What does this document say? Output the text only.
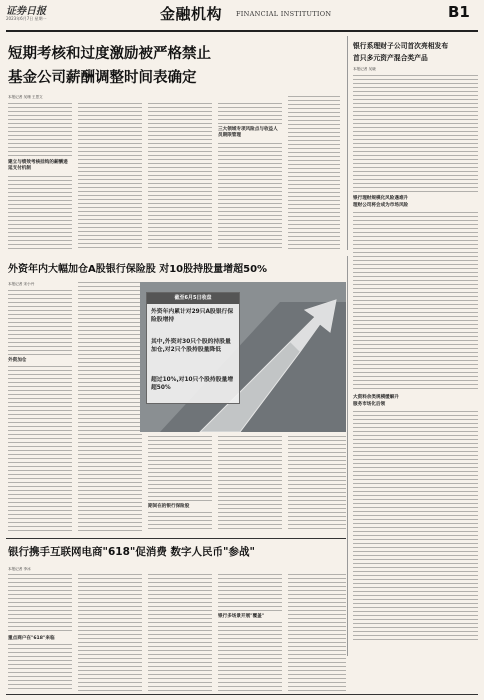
证券日报
2023年6月7日 星期一	金融机构 FINANCIAL INSTITUTION	B1
短期考核和过度激励被严格禁止
基金公司薪酬调整时间表确定
本报记者 吴珊 王思文
建立与绩效考核挂钩的薪酬递延支付机制
三大领域专项风险点与收益人员期限管理
银行系理财子公司首次亮相发布
首只多元资产混合类产品
本报记者 吴晓
银行理财规模化风险遇难升
理财公司将会成为市场风险
大资料余类规模缓解升
服务市场化后领
外资年内大幅加仓A股银行保险股 对10股持股量增超50%
本报记者 宋小丹
外资加仓
截至6月5日收盘
外资年内累计对29只A股银行保险股增持
其中,外资对30只个股的持股量加仓,对2只个股持股量降低
超过10%,对10只个股持股量增超50%
期间在的银行保险股
银行携手互联网电商"618"促消费 数字人民币"参战"
本报记者 李冰
重点商户在"618"来临
银行多场景开展"覆盖"
